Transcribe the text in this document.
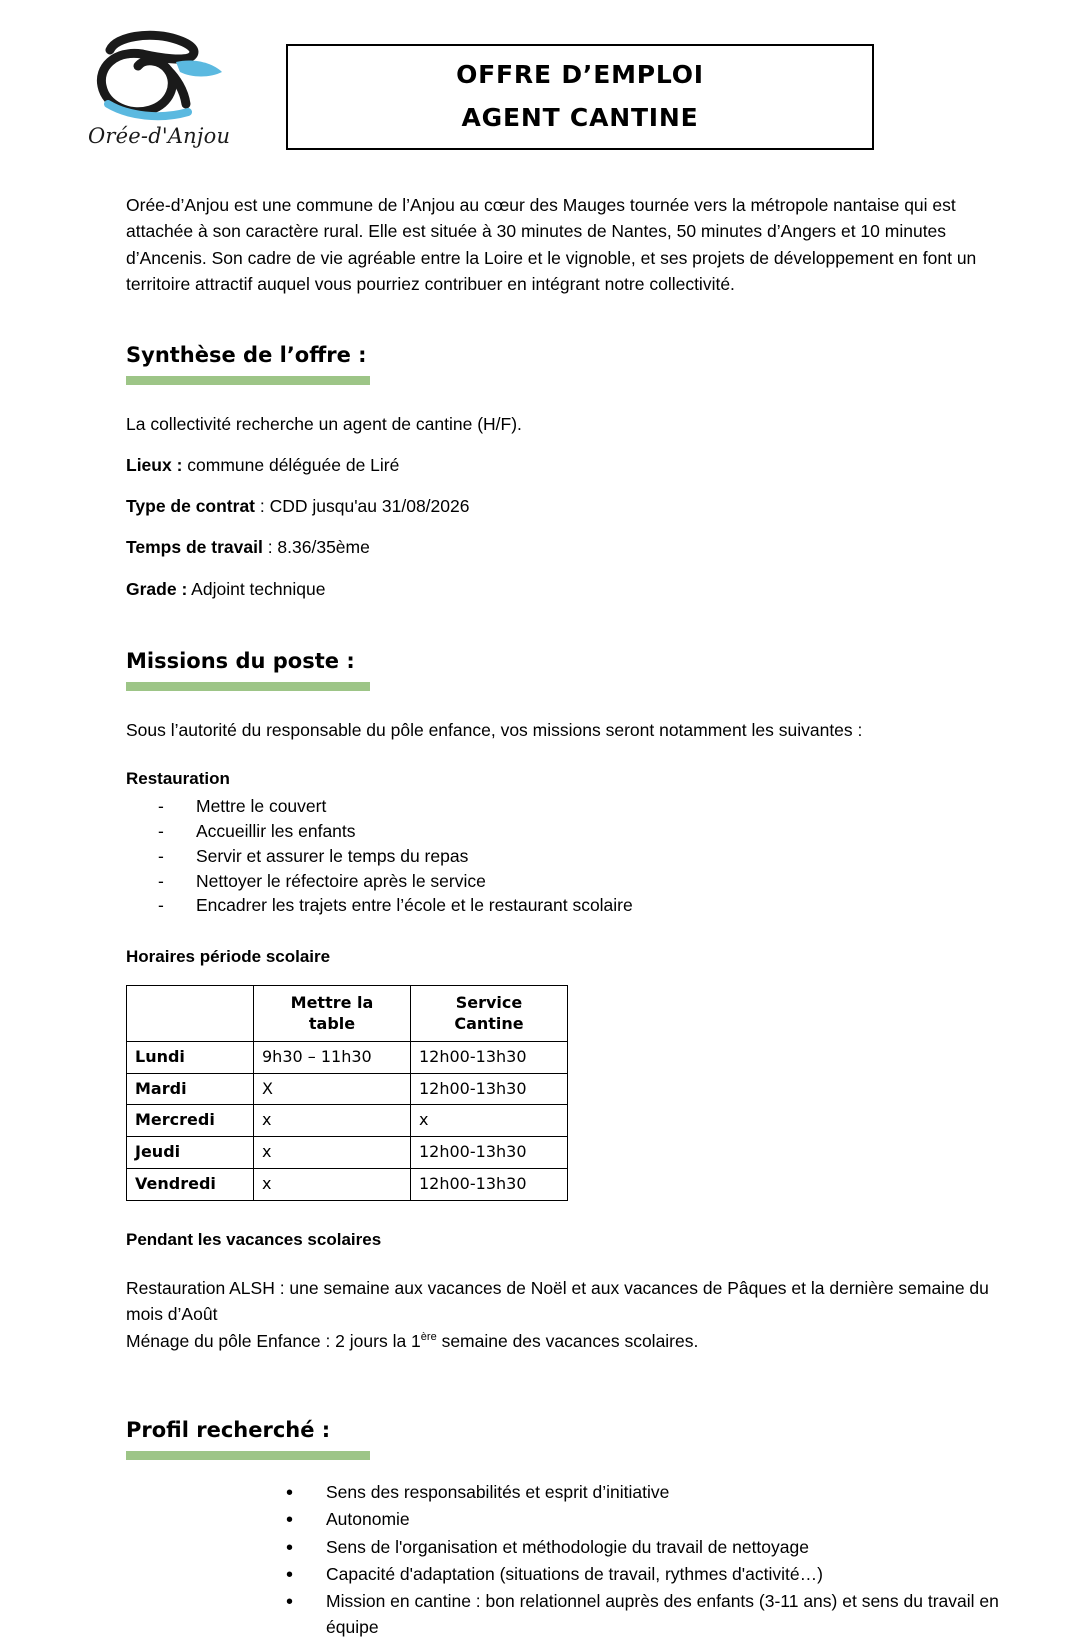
Orée-d'Anjou
OFFRE D’EMPLOI
AGENT CANTINE

Orée-d’Anjou est une commune de l’Anjou au cœur des Mauges tournée vers la métropole nantaise qui est attachée à son caractère rural. Elle est située à 30 minutes de Nantes, 50 minutes d’Angers et 10 minutes d’Ancenis. Son cadre de vie agréable entre la Loire et le vignoble, et ses projets de développement en font un territoire attractif auquel vous pourriez contribuer en intégrant notre collectivité.

Synthèse de l’offre :

La collectivité recherche un agent de cantine (H/F).

Lieux : commune déléguée de Liré

Type de contrat : CDD jusqu'au 31/08/2026

Temps de travail : 8.36/35ème

Grade : Adjoint technique

Missions du poste :

Sous l’autorité du responsable du pôle enfance, vos missions seront notamment les suivantes :

Restauration
- Mettre le couvert
- Accueillir les enfants
- Servir et assurer le temps du repas
- Nettoyer le réfectoire après le service
- Encadrer les trajets entre l’école et le restaurant scolaire
Horaires période scolaire
	Mettre la table	Service Cantine
Lundi	9h30 – 11h30	12h00-13h30
Mardi	X	12h00-13h30
Mercredi	x	x
Jeudi	x	12h00-13h30
Vendredi	x	12h00-13h30
Pendant les vacances scolaires

Restauration ALSH : une semaine aux vacances de Noël et aux vacances de Pâques et la dernière semaine du mois d’Août

Ménage du pôle Enfance : 2 jours la 1ère semaine des vacances scolaires.

Profil recherché :
• Sens des responsabilités et esprit d’initiative
• Autonomie
• Sens de l'organisation et méthodologie du travail de nettoyage
• Capacité d'adaptation (situations de travail, rythmes d'activité…)
• Mission en cantine : bon relationnel auprès des enfants (3-11 ans) et sens du travail en équipe
